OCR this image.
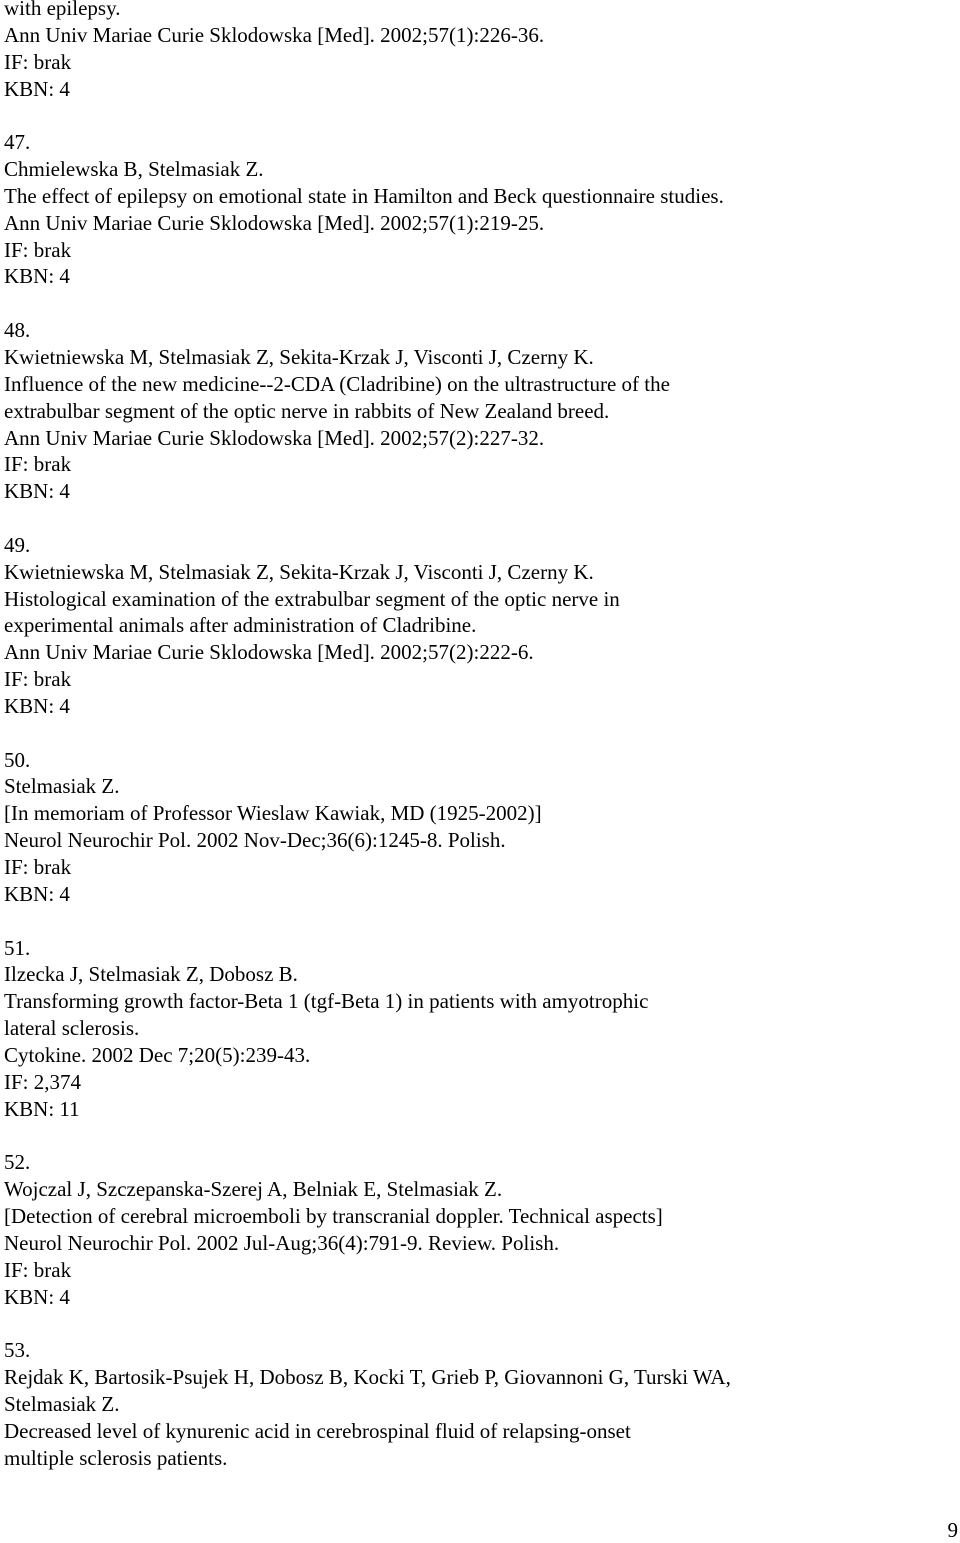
with epilepsy.
Ann Univ Mariae Curie Sklodowska [Med]. 2002;57(1):226-36.
IF: brak
KBN: 4
47.
Chmielewska B, Stelmasiak Z.
The effect of epilepsy on emotional state in Hamilton and Beck questionnaire studies.
Ann Univ Mariae Curie Sklodowska [Med]. 2002;57(1):219-25.
IF: brak
KBN: 4
48.
Kwietniewska M, Stelmasiak Z, Sekita-Krzak J, Visconti J, Czerny K.
Influence of the new medicine--2-CDA (Cladribine) on the ultrastructure of the
extrabulbar segment of the optic nerve in rabbits of New Zealand breed.
Ann Univ Mariae Curie Sklodowska [Med]. 2002;57(2):227-32.
IF: brak
KBN: 4
49.
Kwietniewska M, Stelmasiak Z, Sekita-Krzak J, Visconti J, Czerny K.
Histological examination of the extrabulbar segment of the optic nerve in
experimental animals after administration of Cladribine.
Ann Univ Mariae Curie Sklodowska [Med]. 2002;57(2):222-6.
IF: brak
KBN: 4
50.
Stelmasiak Z.
[In memoriam of Professor Wieslaw Kawiak, MD (1925-2002)]
Neurol Neurochir Pol. 2002 Nov-Dec;36(6):1245-8. Polish.
IF: brak
KBN: 4
51.
Ilzecka J, Stelmasiak Z, Dobosz B.
Transforming growth factor-Beta 1 (tgf-Beta 1) in patients with amyotrophic
lateral sclerosis.
Cytokine. 2002 Dec 7;20(5):239-43.
IF: 2,374
KBN: 11
52.
Wojczal J, Szczepanska-Szerej A, Belniak E, Stelmasiak Z.
[Detection of cerebral microemboli by transcranial doppler. Technical aspects]
Neurol Neurochir Pol. 2002 Jul-Aug;36(4):791-9. Review. Polish.
IF: brak
KBN: 4
53.
Rejdak K, Bartosik-Psujek H, Dobosz B, Kocki T, Grieb P, Giovannoni G, Turski WA,
Stelmasiak Z.
Decreased level of kynurenic acid in cerebrospinal fluid of relapsing-onset
multiple sclerosis patients.
9
